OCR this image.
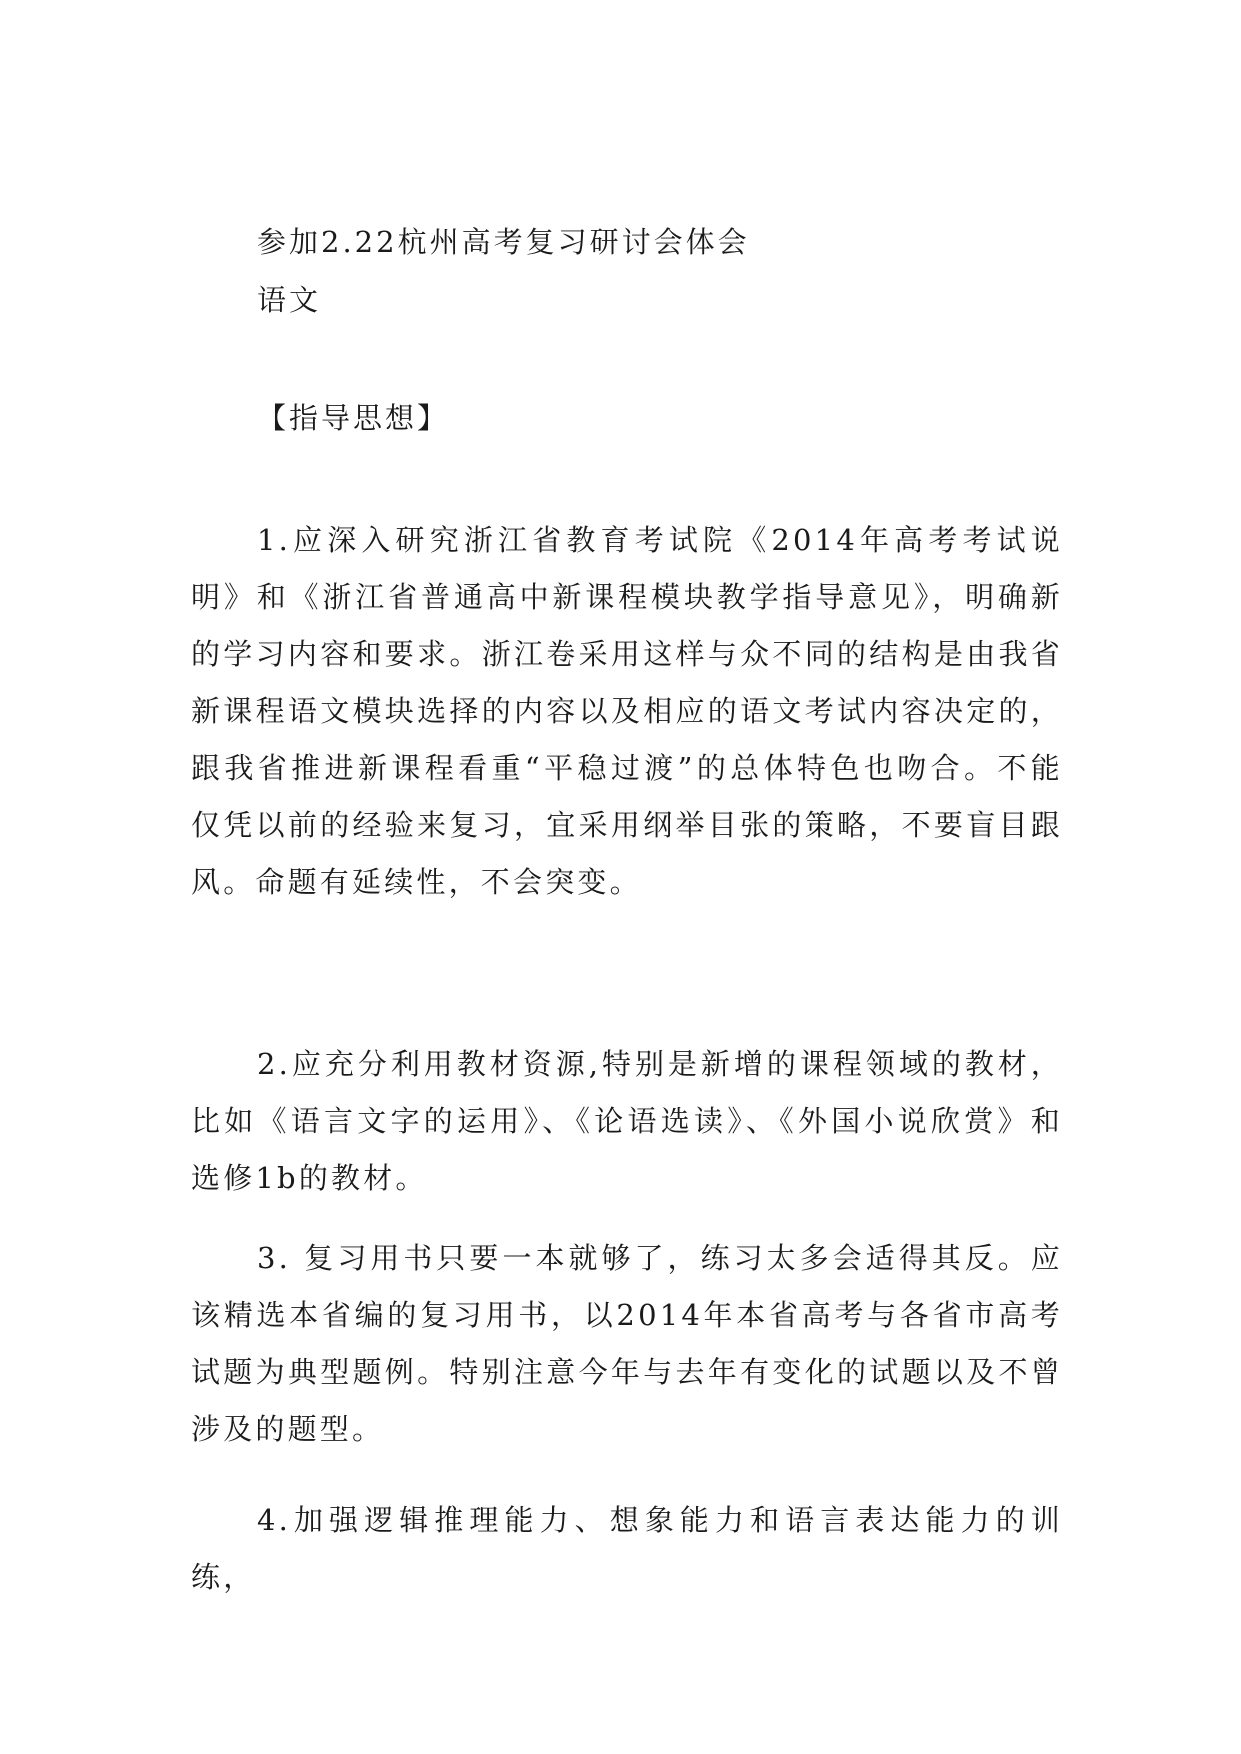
参加2.22杭州高考复习研讨会体会
语文
【指导思想】

1.应深入研究浙江省教育考试院《2014年高考考试说明》和《浙江省普通高中新课程模块教学指导意见》，明确新的学习内容和要求。浙江卷采用这样与众不同的结构是由我省新课程语文模块选择的内容以及相应的语文考试内容决定的，跟我省推进新课程看重“平稳过渡”的总体特色也吻合。不能仅凭以前的经验来复习，宜采用纲举目张的策略，不要盲目跟风。命题有延续性，不会突变。

2.应充分利用教材资源,特别是新增的课程领域的教材，比如《语言文字的运用》、《论语选读》、《外国小说欣赏》和选修1b的教材。

3. 复习用书只要一本就够了，练习太多会适得其反。应该精选本省编的复习用书，以2014年本省高考与各省市高考试题为典型题例。特别注意今年与去年有变化的试题以及不曾涉及的题型。

4.加强逻辑推理能力、想象能力和语言表达能力的训练，
